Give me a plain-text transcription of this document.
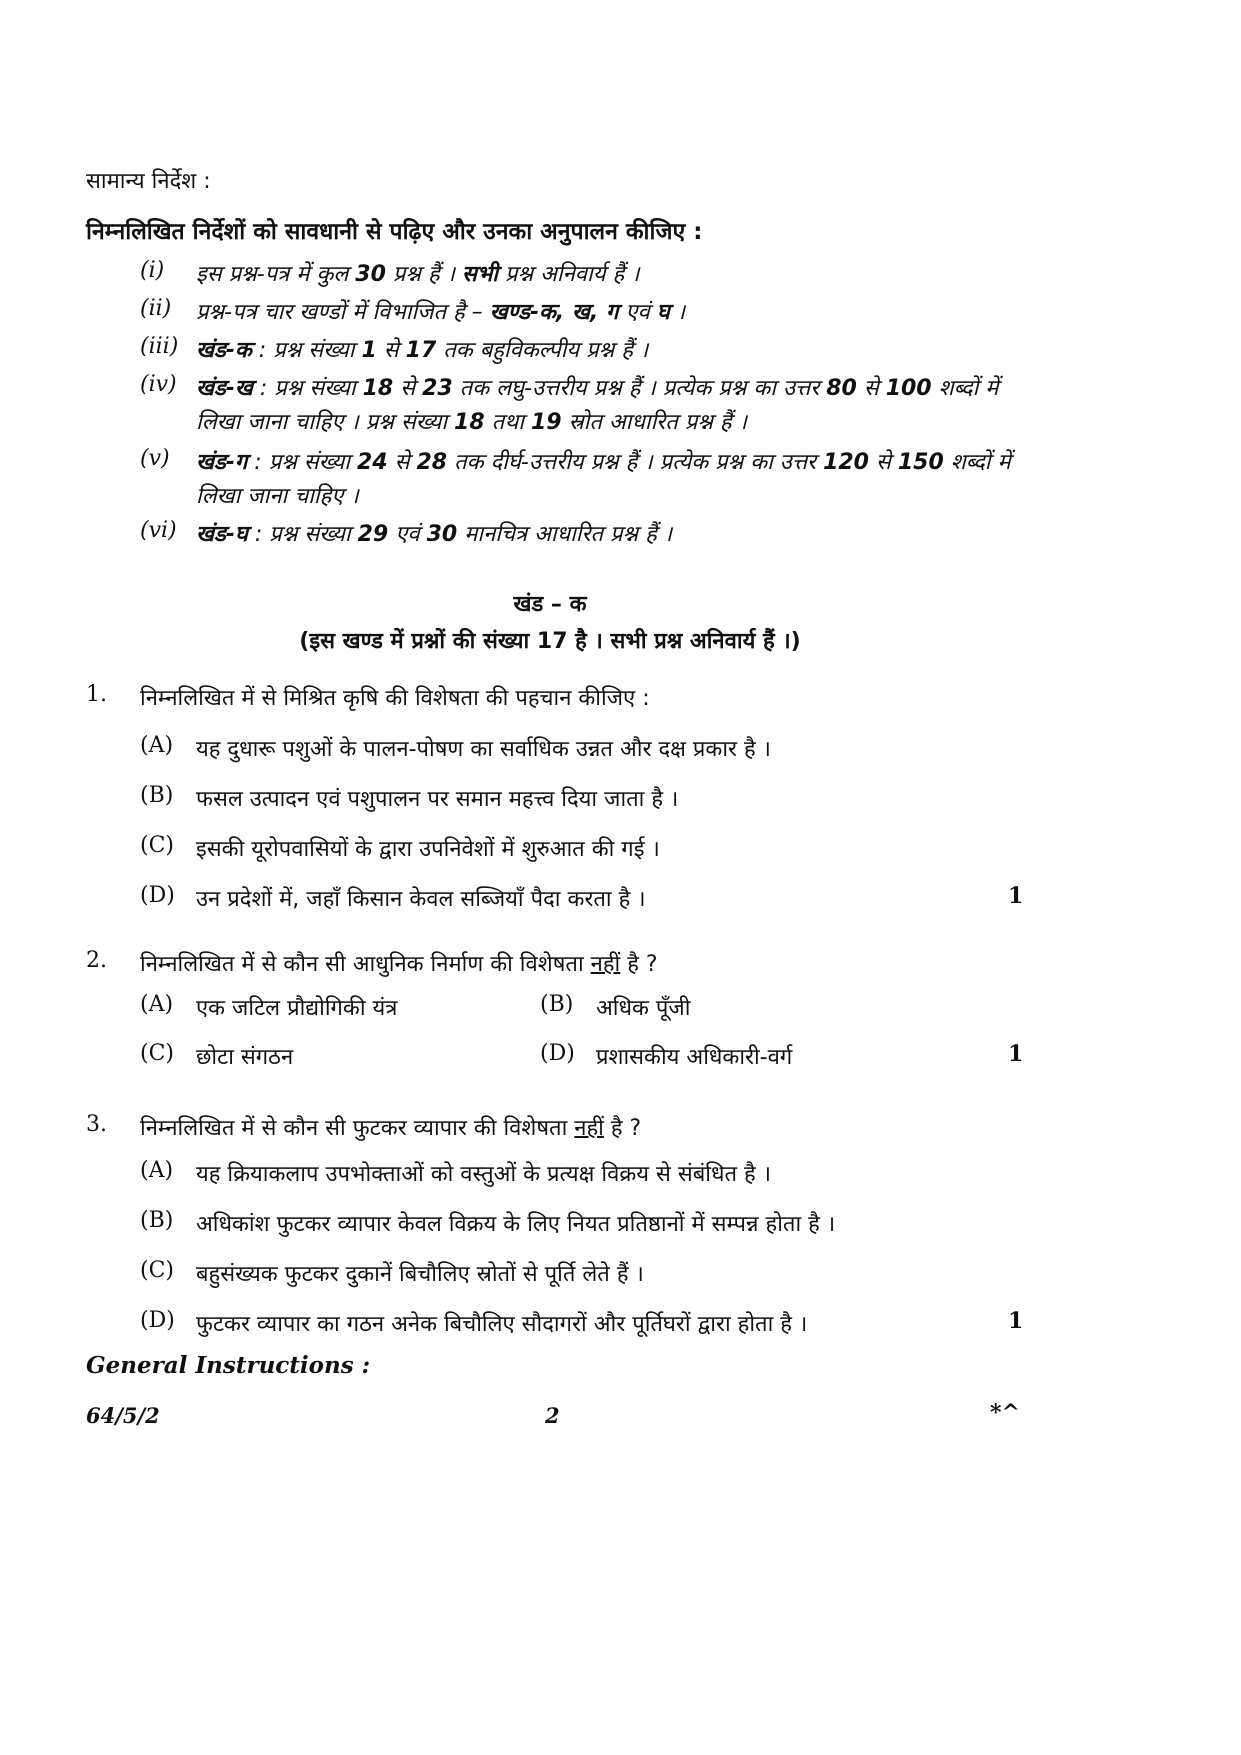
सामान्य निर्देश :
निम्नलिखित निर्देशों को सावधानी से पढ़िए और उनका अनुपालन कीजिए :
(i) इस प्रश्न-पत्र में कुल 30 प्रश्न हैं । सभी प्रश्न अनिवार्य हैं ।
(ii) प्रश्न-पत्र चार खण्डों में विभाजित है – खण्ड-क, ख, ग एवं घ ।
(iii) खंड-क : प्रश्न संख्या 1 से 17 तक बहुविकल्पीय प्रश्न हैं ।
(iv) खंड-ख : प्रश्न संख्या 18 से 23 तक लघु-उत्तरीय प्रश्न हैं । प्रत्येक प्रश्न का उत्तर 80 से 100 शब्दों में
लिखा जाना चाहिए । प्रश्न संख्या 18 तथा 19 स्रोत आधारित प्रश्न हैं ।
(v) खंड-ग : प्रश्न संख्या 24 से 28 तक दीर्घ-उत्तरीय प्रश्न हैं । प्रत्येक प्रश्न का उत्तर 120 से 150 शब्दों में
लिखा जाना चाहिए ।
(vi) खंड-घ : प्रश्न संख्या 29 एवं 30 मानचित्र आधारित प्रश्न हैं ।
खंड – क
(इस खण्ड में प्रश्नों की संख्या 17 है । सभी प्रश्न अनिवार्य हैं ।)
1. निम्नलिखित में से मिश्रित कृषि की विशेषता की पहचान कीजिए :
(A) यह दुधारू पशुओं के पालन-पोषण का सर्वाधिक उन्नत और दक्ष प्रकार है ।
(B) फसल उत्पादन एवं पशुपालन पर समान महत्त्व दिया जाता है ।
(C) इसकी यूरोपवासियों के द्वारा उपनिवेशों में शुरुआत की गई ।
(D) उन प्रदेशों में, जहाँ किसान केवल सब्जियाँ पैदा करता है ।	1
2. निम्नलिखित में से कौन सी आधुनिक निर्माण की विशेषता नहीं है ?
(A) एक जटिल प्रौद्योगिकी यंत्र	(B) अधिक पूँजी
(C) छोटा संगठन	(D) प्रशासकीय अधिकारी-वर्ग	1
3. निम्नलिखित में से कौन सी फुटकर व्यापार की विशेषता नहीं है ?
(A) यह क्रियाकलाप उपभोक्ताओं को वस्तुओं के प्रत्यक्ष विक्रय से संबंधित है ।
(B) अधिकांश फुटकर व्यापार केवल विक्रय के लिए नियत प्रतिष्ठानों में सम्पन्न होता है ।
(C) बहुसंख्यक फुटकर दुकानें बिचौलिए स्रोतों से पूर्ति लेते हैं ।
(D) फुटकर व्यापार का गठन अनेक बिचौलिए सौदागरों और पूर्तिघरों द्वारा होता है ।	1
General Instructions :
64/5/2	2	*^
